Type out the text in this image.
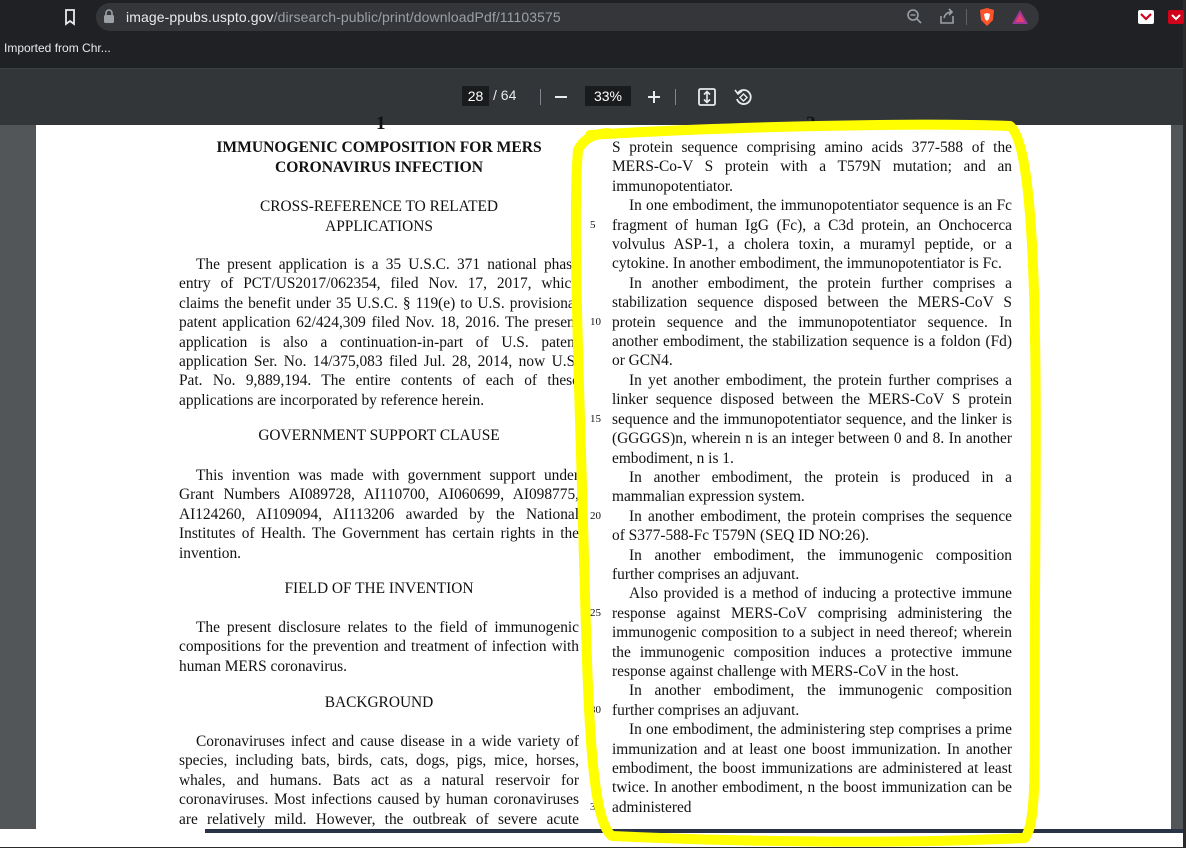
image-ppubs.uspto.gov/dirsearch-public/print/downloadPdf/11103575
Imported from Chr...
28 / 64	33%
1	2
IMMUNOGENIC COMPOSITION FOR MERS CORONAVIRUS INFECTION
CROSS-REFERENCE TO RELATED APPLICATIONS

The present application is a 35 U.S.C. 371 national phase entry of PCT/US2017/062354, filed Nov. 17, 2017, which claims the benefit under 35 U.S.C. § 119(e) to U.S. provisional patent application 62/424,309 filed Nov. 18, 2016. The present application is also a continuation-in-part of U.S. patent application Ser. No. 14/375,083 filed Jul. 28, 2014, now U.S. Pat. No. 9,889,194. The entire contents of each of these applications are incorporated by reference herein.

GOVERNMENT SUPPORT CLAUSE

This invention was made with government support under Grant Numbers AI089728, AI110700, AI060699, AI098775, AI124260, AI109094, AI113206 awarded by the National Institutes of Health. The Government has certain rights in the invention.

FIELD OF THE INVENTION

The present disclosure relates to the field of immunogenic compositions for the prevention and treatment of infection with human MERS coronavirus.

BACKGROUND

Coronaviruses infect and cause disease in a wide variety of species, including bats, birds, cats, dogs, pigs, mice, horses, whales, and humans. Bats act as a natural reservoir for coronaviruses. Most infections caused by human coronaviruses are relatively mild. However, the outbreak of severe acute

5
10
15
20
25
30
35

S protein sequence comprising amino acids 377-588 of the MERS-Co-V S protein with a T579N mutation; and an immunopotentiator.

In one embodiment, the immunopotentiator sequence is an Fc fragment of human IgG (Fc), a C3d protein, an Onchocerca volvulus ASP-1, a cholera toxin, a muramyl peptide, or a cytokine. In another embodiment, the immunopotentiator is Fc.

In another embodiment, the protein further comprises a stabilization sequence disposed between the MERS-CoV S protein sequence and the immunopotentiator sequence. In another embodiment, the stabilization sequence is a foldon (Fd) or GCN4.

In yet another embodiment, the protein further comprises a linker sequence disposed between the MERS-CoV S protein sequence and the immunopotentiator sequence, and the linker is (GGGGS)n, wherein n is an integer between 0 and 8. In another embodiment, n is 1.

In another embodiment, the protein is produced in a mammalian expression system.

In another embodiment, the protein comprises the sequence of S377-588-Fc T579N (SEQ ID NO:26).

In another embodiment, the immunogenic composition further comprises an adjuvant.

Also provided is a method of inducing a protective immune response against MERS-CoV comprising administering the immunogenic composition to a subject in need thereof; wherein the immunogenic composition induces a protective immune response against challenge with MERS-CoV in the host.

In another embodiment, the immunogenic composition further comprises an adjuvant.

In one embodiment, the administering step comprises a prime immunization and at least one boost immunization. In another embodiment, the boost immunizations are administered at least twice. In another embodiment, n the boost immunization can be administered
